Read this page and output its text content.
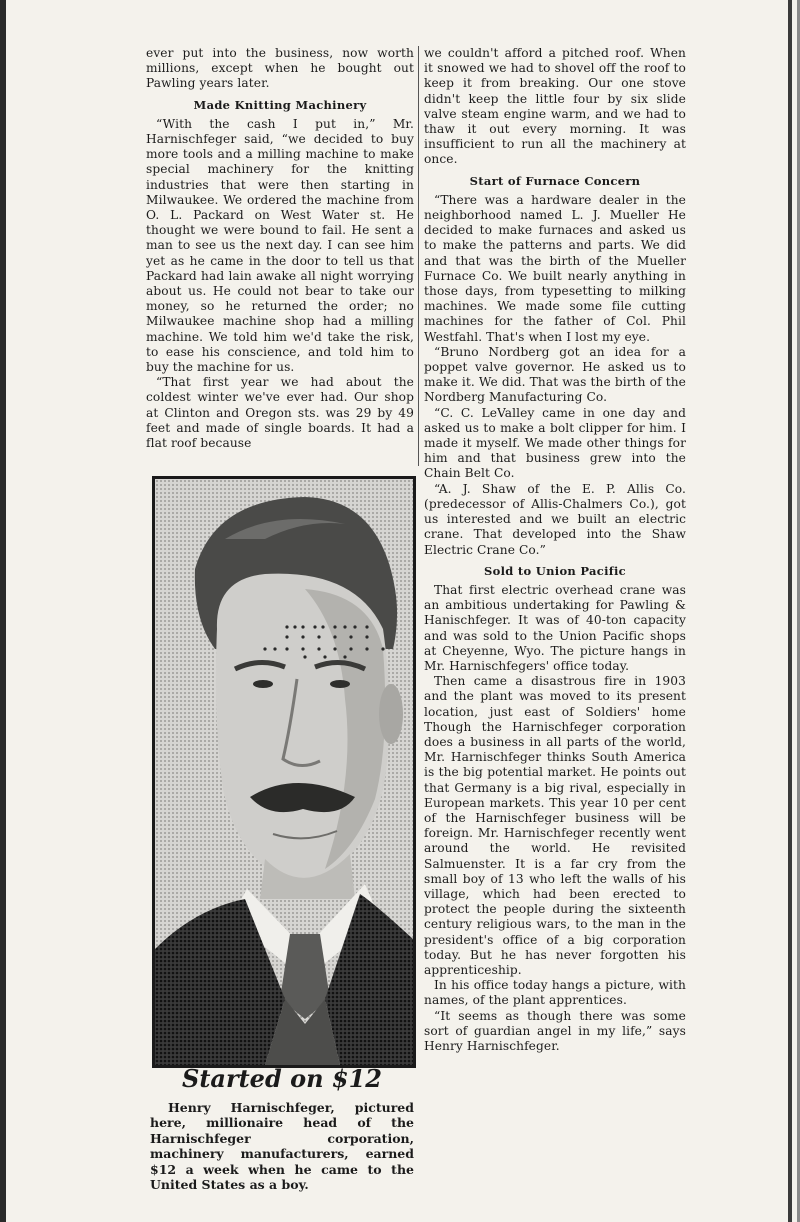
ever put into the business, now worth millions, except when he bought out Pawling years later.

Made Knitting Machinery

“With the cash I put in,” Mr. Harnischfeger said, “we decided to buy more tools and a milling machine to make special machinery for the knitting industries that were then starting in Milwaukee. We ordered the machine from O. L. Packard on West Water st. He thought we were bound to fail. He sent a man to see us the next day. I can see him yet as he came in the door to tell us that Packard had lain awake all night worrying about us. He could not bear to take our money, so he returned the order; no Milwaukee machine shop had a milling machine. We told him we'd take the risk, to ease his conscience, and told him to buy the machine for us.

“That first year we had about the coldest winter we've ever had. Our shop at Clinton and Oregon sts. was 29 by 49 feet and made of single boards. It had a flat roof because

we couldn't afford a pitched roof. When it snowed we had to shovel off the roof to keep it from breaking. Our one stove didn't keep the little four by six slide valve steam engine warm, and we had to thaw it out every morning. It was insufficient to run all the machinery at once.

Start of Furnace Concern

“There was a hardware dealer in the neighborhood named L. J. Mueller He decided to make furnaces and asked us to make the patterns and parts. We did and that was the birth of the Mueller Furnace Co. We built nearly anything in those days, from typesetting to milking machines. We made some file cutting machines for the father of Col. Phil Westfahl. That's when I lost my eye.

“Bruno Nordberg got an idea for a poppet valve governor. He asked us to make it. We did. That was the birth of the Nordberg Manufacturing Co.

“C. C. LeValley came in one day and asked us to make a bolt clipper for him. I made it myself. We made other things for him and that business grew into the Chain Belt Co.

“A. J. Shaw of the E. P. Allis Co. (predecessor of Allis-Chalmers Co.), got us interested and we built an electric crane. That developed into the Shaw Electric Crane Co.”

Sold to Union Pacific

That first electric overhead crane was an ambitious undertaking for Pawling & Hanischfeger. It was of 40-ton capacity and was sold to the Union Pacific shops at Cheyenne, Wyo. The picture hangs in Mr. Harnischfegers' office today.

Then came a disastrous fire in 1903 and the plant was moved to its present location, just east of Soldiers' home Though the Harnischfeger corporation does a business in all parts of the world, Mr. Harnischfeger thinks South America is the big potential market. He points out that Germany is a big rival, especially in European markets. This year 10 per cent of the Harnischfeger business will be foreign. Mr. Harnischfeger recently went around the world. He revisited Salmuenster. It is a far cry from the small boy of 13 who left the walls of his village, which had been erected to protect the people during the sixteenth century religious wars, to the man in the president's office of a big corporation today. But he has never forgotten his apprenticeship.

In his office today hangs a picture, with names, of the plant apprentices.

“It seems as though there was some sort of guardian angel in my life,” says Henry Harnischfeger.

Started on $12

Henry Harnischfeger, pictured here, millionaire head of the Harnischfeger corporation, machinery manufacturers, earned $12 a week when he came to the United States as a boy.
